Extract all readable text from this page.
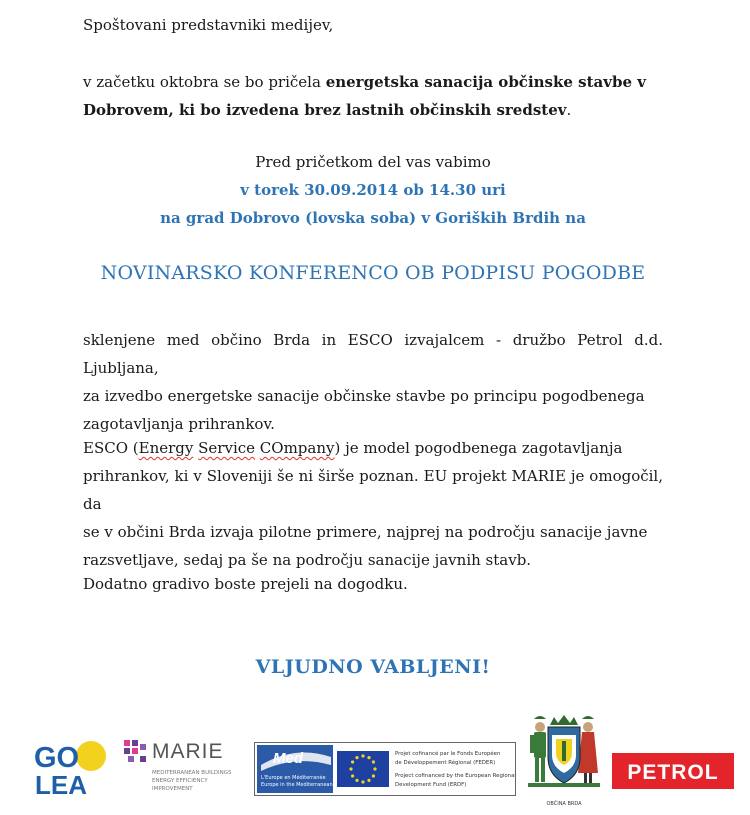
Spoštovani predstavniki medijev,
v začetku oktobra se bo pričela energetska sanacija občinske stavbe v
Dobrovem, ki bo izvedena brez lastnih občinskih sredstev.
Pred pričetkom del vas vabimo
v torek 30.09.2014 ob 14.30 uri
na grad Dobrovo (lovska soba) v Goriških Brdih na
sklenjene med občino Brda in ESCO izvajalcem - družbo Petrol d.d. Ljubljana,
za izvedbo energetske sanacije občinske stavbe po principu pogodbenega
zagotavljanja prihrankov.
ESCO (Energy Service COmpany) je model pogodbenega zagotavljanja
prihrankov, ki v Sloveniji še ni širše poznan. EU projekt MARIE je omogočil, da
se v občini Brda izvaja pilotne primere, najprej na področju sanacije javne
razsvetljave, sedaj pa še na področju sanacije javnih stavb.
Dodatno gradivo boste prejeli na dogodku.
NOVINARSKO KONFERENCO OB PODPISU POGODBE
VLJUDNO VABLJENI!
GO
LEA
MARIE
MEDITERRANEAN BUILDINGS
ENERGY EFFICIENCY
IMPROVEMENT
Med
L'Europe en Méditerranée
Europe in the Mediterranean
Projet cofinancé par le Fonds Européen
de Développement Régional (FEDER)
Project cofinanced by the European Regional
Development Fund (ERDF)
OBČINA BRDA
PETROL
